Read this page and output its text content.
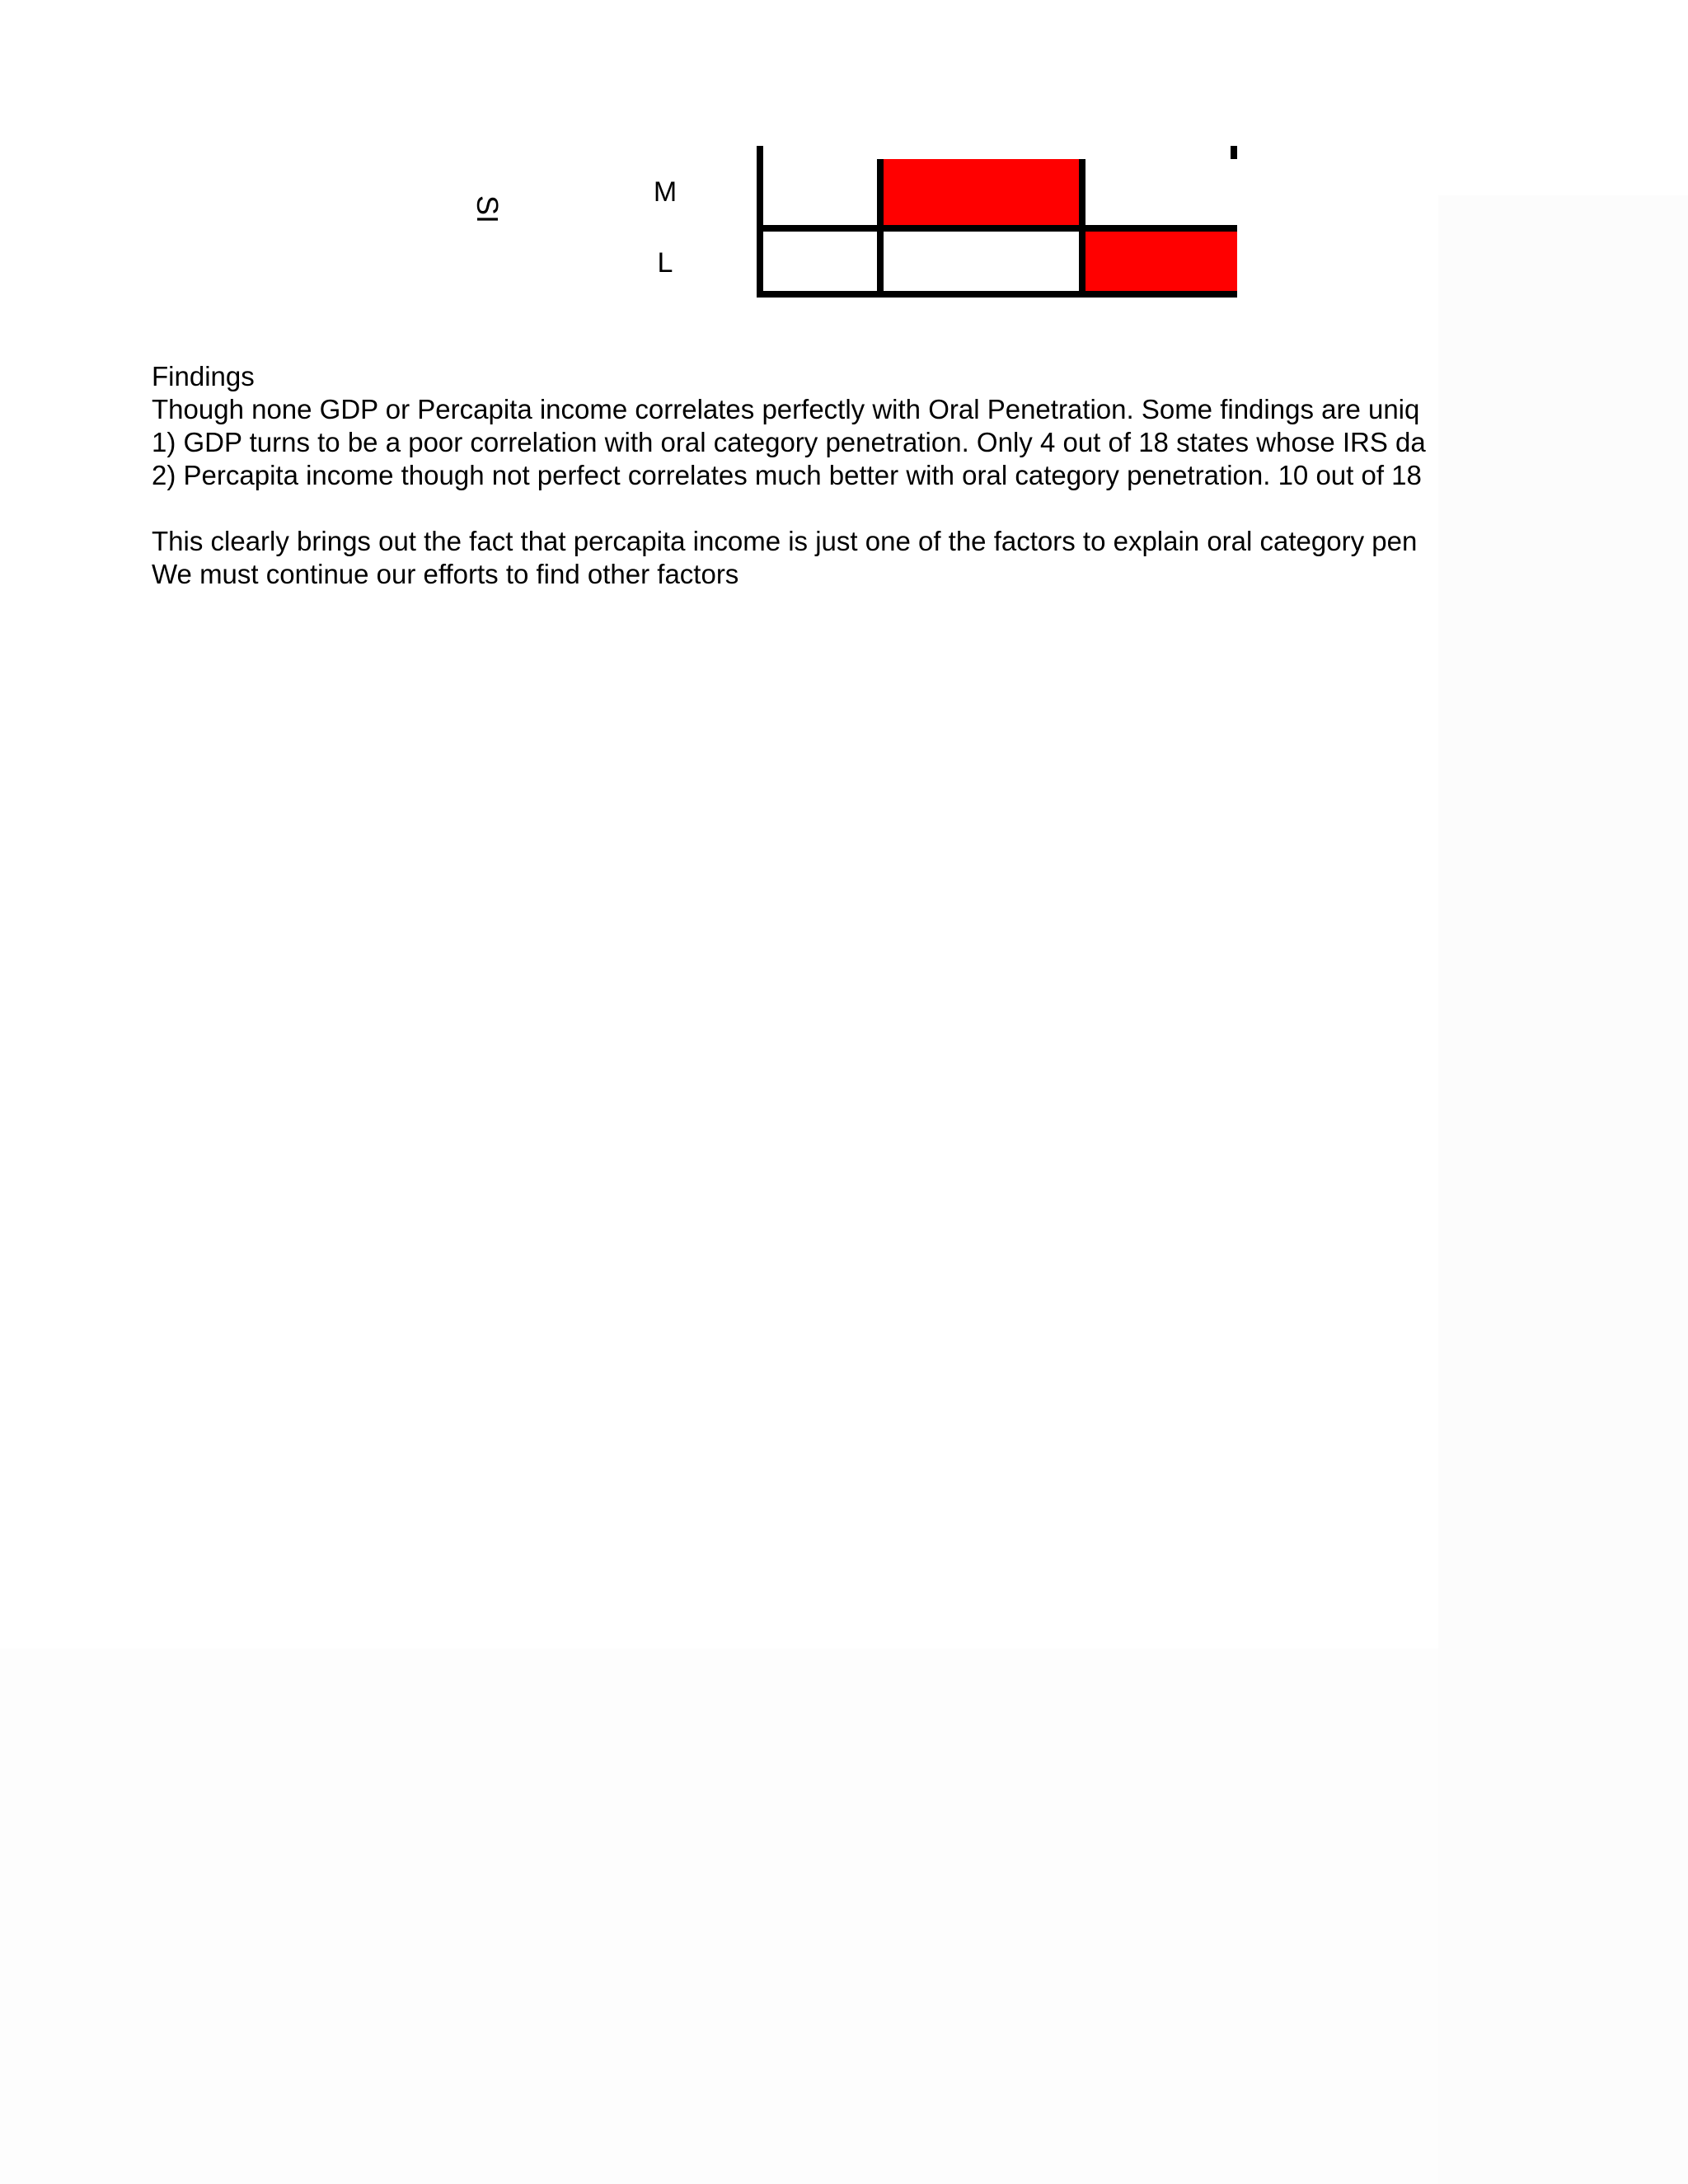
SI
M
L
Findings
Though none GDP or Percapita income correlates perfectly with Oral Penetration. Some findings are uniq
1) GDP turns to be a poor correlation with oral category penetration. Only 4 out of 18 states whose IRS da
2) Percapita income though not perfect correlates much better with oral category penetration. 10 out of 18
This clearly brings out the fact that percapita income is just one of the factors to explain oral category pen
We must continue our efforts to find other factors
